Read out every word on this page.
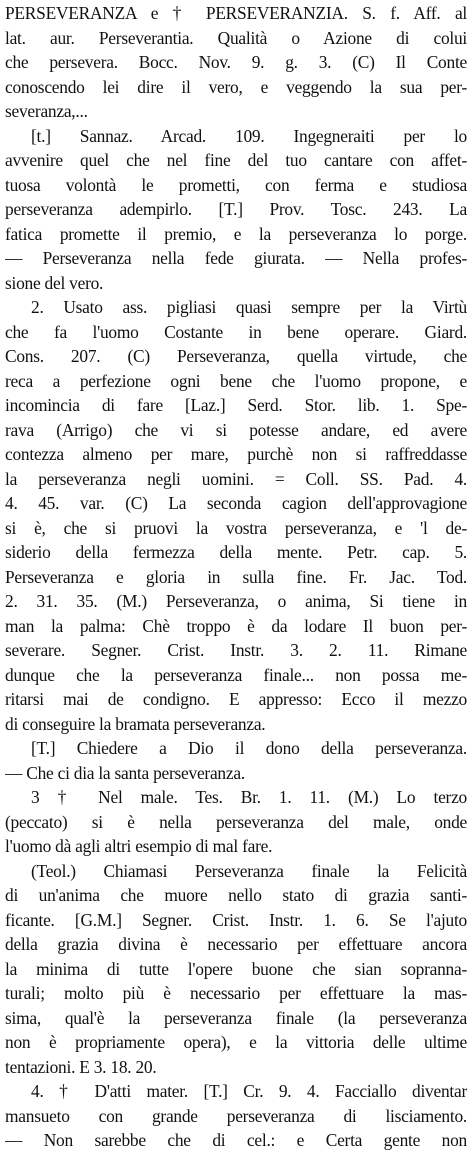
PERSEVERANZA e † PERSEVERANZIA. S. f. Aff. al
lat. aur. Perseverantia. Qualità o Azione di colui
che persevera. Bocc. Nov. 9. g. 3. (C) Il Conte
conoscendo lei dire il vero, e veggendo la sua per-
severanza,...
[t.] Sannaz. Arcad. 109. Ingegneraiti per lo
avvenire quel che nel fine del tuo cantare con affet-
tuosa volontà le prometti, con ferma e studiosa
perseveranza adempirlo. [T.] Prov. Tosc. 243. La
fatica promette il premio, e la perseveranza lo porge.
— Perseveranza nella fede giurata. — Nella profes-
sione del vero.
2. Usato ass. pigliasi quasi sempre per la Virtù
che fa l'uomo Costante in bene operare. Giard.
Cons. 207. (C) Perseveranza, quella virtude, che
reca a perfezione ogni bene che l'uomo propone, e
incomincia di fare [Laz.] Serd. Stor. lib. 1. Spe-
rava (Arrigo) che vi si potesse andare, ed avere
contezza almeno per mare, purchè non si raffreddasse
la perseveranza negli uomini. = Coll. SS. Pad. 4.
4. 45. var. (C) La seconda cagion dell'approvagione
si è, che si pruovi la vostra perseveranza, e 'l de-
siderio della fermezza della mente. Petr. cap. 5.
Perseveranza e gloria in sulla fine. Fr. Jac. Tod.
2. 31. 35. (M.) Perseveranza, o anima, Si tiene in
man la palma: Chè troppo è da lodare Il buon per-
severare. Segner. Crist. Instr. 3. 2. 11. Rimane
dunque che la perseveranza finale... non possa me-
ritarsi mai de condigno. E appresso: Ecco il mezzo
di conseguire la bramata perseveranza.
[T.] Chiedere a Dio il dono della perseveranza.
— Che ci dia la santa perseveranza.
3 † Nel male. Tes. Br. 1. 11. (M.) Lo terzo
(peccato) si è nella perseveranza del male, onde
l'uomo dà agli altri esempio di mal fare.
(Teol.) Chiamasi Perseveranza finale la Felicità
di un'anima che muore nello stato di grazia santi-
ficante. [G.M.] Segner. Crist. Instr. 1. 6. Se l'ajuto
della grazia divina è necessario per effettuare ancora
la minima di tutte l'opere buone che sian sopranna-
turali; molto più è necessario per effettuare la mas-
sima, qual'è la perseveranza finale (la perseveranza
non è propriamente opera), e la vittoria delle ultime
tentazioni. E 3. 18. 20.
4. † D'atti mater. [T.] Cr. 9. 4. Facciallo diventar
mansueto con grande perseveranza di lisciamento.
— Non sarebbe che di cel.: e Certa gente non
